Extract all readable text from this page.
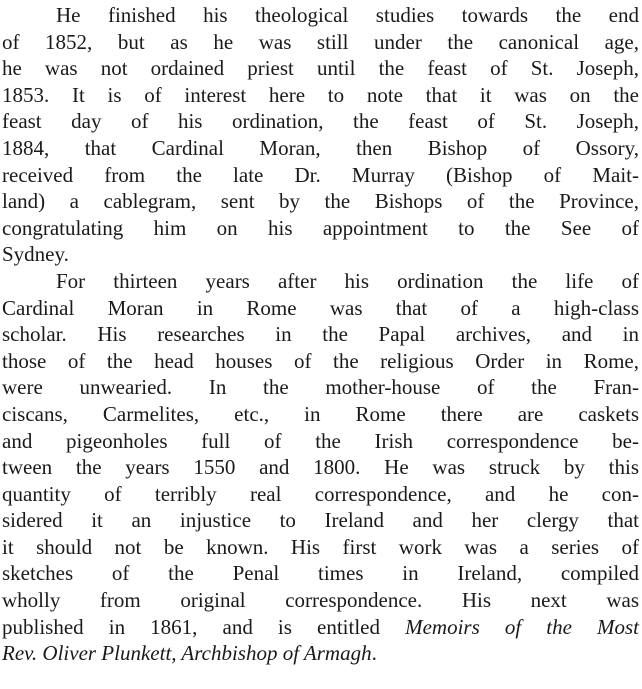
He finished his theological studies towards the end
of 1852, but as he was still under the canonical age,
he was not ordained priest until the feast of St. Joseph,
1853. It is of interest here to note that it was on the
feast day of his ordination, the feast of St. Joseph,
1884, that Cardinal Moran, then Bishop of Ossory,
received from the late Dr. Murray (Bishop of Mait-
land) a cablegram, sent by the Bishops of the Province,
congratulating him on his appointment to the See of
Sydney.
For thirteen years after his ordination the life of
Cardinal Moran in Rome was that of a high-class
scholar. His researches in the Papal archives, and in
those of the head houses of the religious Order in Rome,
were unwearied. In the mother-house of the Fran-
ciscans, Carmelites, etc., in Rome there are caskets
and pigeonholes full of the Irish correspondence be-
tween the years 1550 and 1800. He was struck by this
quantity of terribly real correspondence, and he con-
sidered it an injustice to Ireland and her clergy that
it should not be known. His first work was a series of
sketches of the Penal times in Ireland, compiled
wholly from original correspondence. His next was
published in 1861, and is entitled Memoirs of the Most
Rev. Oliver Plunkett, Archbishop of Armagh.
